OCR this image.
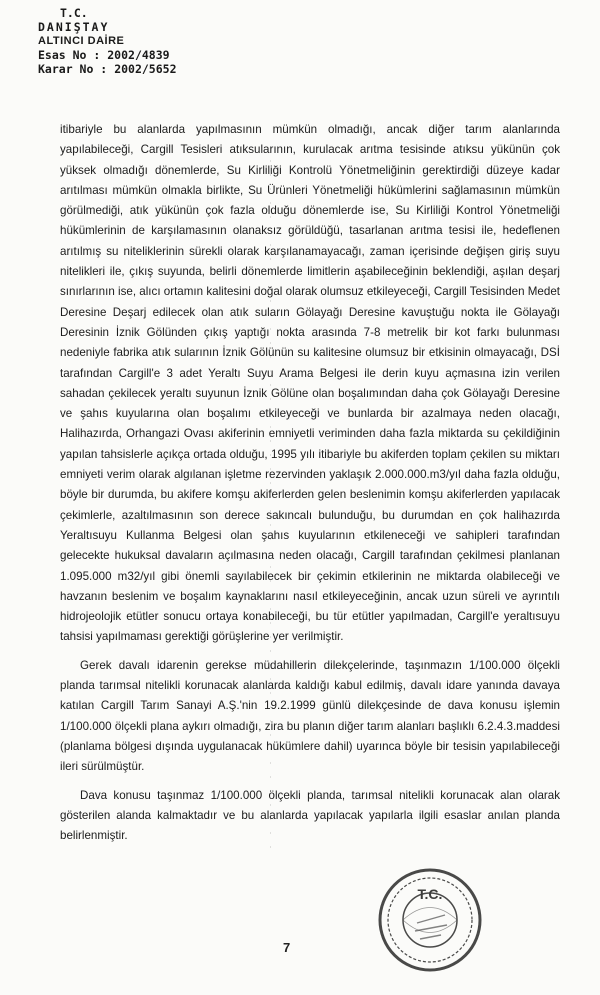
T.C.
DANIŞTAY
ALTINCI DAİRE
Esas No : 2002/4839
Karar No : 2002/5652

itibariyle bu alanlarda yapılmasının mümkün olmadığı, ancak diğer tarım alanlarında yapılabileceği, Cargill Tesisleri atıksularının, kurulacak arıtma tesisinde atıksu yükünün çok yüksek olmadığı dönemlerde, Su Kirliliği Kontrolü Yönetmeliğinin gerektirdiği düzeye kadar arıtılması mümkün olmakla birlikte, Su Ürünleri Yönetmeliği hükümlerini sağlamasının mümkün görülmediği, atık yükünün çok fazla olduğu dönemlerde ise, Su Kirliliği Kontrol Yönetmeliği hükümlerinin de karşılamasının olanaksız görüldüğü, tasarlanan arıtma tesisi ile, hedeflenen arıtılmış su niteliklerinin sürekli olarak karşılanamayacağı, zaman içerisinde değişen giriş suyu nitelikleri ile, çıkış suyunda, belirli dönemlerde limitlerin aşabileceğinin beklendiği, aşılan deşarj sınırlarının ise, alıcı ortamın kalitesini doğal olarak olumsuz etkileyeceği, Cargill Tesisinden Medet Deresine Deşarj edilecek olan atık suların Gölayağı Deresine kavuştuğu nokta ile Gölayağı Deresinin İznik Gölünden çıkış yaptığı nokta arasında 7-8 metrelik bir kot farkı bulunması nedeniyle fabrika atık sularının İznik Gölünün su kalitesine olumsuz bir etkisinin olmayacağı, DSİ tarafından Cargill'e 3 adet Yeraltı Suyu Arama Belgesi ile derin kuyu açmasına izin verilen sahadan çekilecek yeraltı suyunun İznik Gölüne olan boşalımından daha çok Gölayağı Deresine ve şahıs kuyularına olan boşalımı etkileyeceği ve bunlarda bir azalmaya neden olacağı, Halihazırda, Orhangazi Ovası akiferinin emniyetli veriminden daha fazla miktarda su çekildiğinin yapılan tahsislerle açıkça ortada olduğu, 1995 yılı itibariyle bu akiferden toplam çekilen su miktarı emniyeti verim olarak algılanan işletme rezervinden yaklaşık 2.000.000.m3/yıl daha fazla olduğu, böyle bir durumda, bu akifere komşu akiferlerden gelen beslenimin komşu akiferlerden yapılacak çekimlerle, azaltılmasının son derece sakıncalı bulunduğu, bu durumdan en çok halihazırda Yeraltısuyu Kullanma Belgesi olan şahıs kuyularının etkileneceği ve sahipleri tarafından gelecekte hukuksal davaların açılmasına neden olacağı, Cargill tarafından çekilmesi planlanan 1.095.000 m32/yıl gibi önemli sayılabilecek bir çekimin etkilerinin ne miktarda olabileceği ve havzanın beslenim ve boşalım kaynaklarını nasıl etkileyeceğinin, ancak uzun süreli ve ayrıntılı hidrojeolojik etütler sonucu ortaya konabileceği, bu tür etütler yapılmadan, Cargill'e yeraltısuyu tahsisi yapılmaması gerektiği görüşlerine yer verilmiştir.

Gerek davalı idarenin gerekse müdahillerin dilekçelerinde, taşınmazın 1/100.000 ölçekli planda tarımsal nitelikli korunacak alanlarda kaldığı kabul edilmiş, davalı idare yanında davaya katılan Cargill Tarım Sanayi A.Ş.'nin 19.2.1999 günlü dilekçesinde de dava konusu işlemin 1/100.000 ölçekli plana aykırı olmadığı, zira bu planın diğer tarım alanları başlıklı 6.2.4.3.maddesi (planlama bölgesi dışında uygulanacak hükümlere dahil) uyarınca böyle bir tesisin yapılabileceği ileri sürülmüştür.

Dava konusu taşınmaz 1/100.000 ölçekli planda, tarımsal nitelikli korunacak alan olarak gösterilen alanda kalmaktadır ve bu alanlarda yapılacak yapılarla ilgili esaslar anılan planda belirlenmiştir.

7
T.C.
